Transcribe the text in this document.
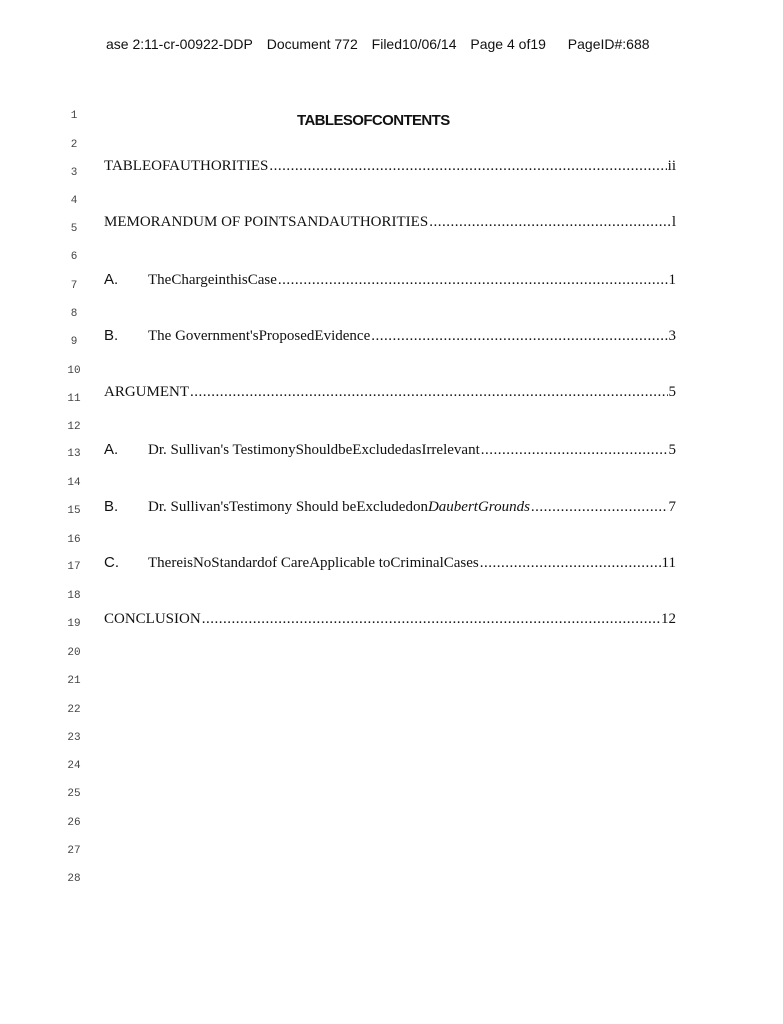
ase 2:11-cr-00922-DDP Document 772 Filed10/06/14 Page 4 of19 PageID#:688
1
2
3
4
5
6
7
8
9
10
11
12
13
14
15
16
17
18
19
20
21
22
23
24
25
26
27
28
TABLESOFCONTENTS
TABLEOFAUTHORITIES .....	ii
MEMORANDUM OF POINTSANDAUTHORITIES .....	l
A.	TheChargeinthisCase .....	1
B.	The Government'sProposedEvidence .....	3
ARGUMENT .....	5
A.	Dr. Sullivan's TestimonyShouldbeExcludedasIrrelevant .....	5
B.	Dr. Sullivan'sTestimony Should beExcludedon DaubertGrounds .....	7
C.	ThereisNoStandardof CareApplicable toCriminalCases .....	11
CONCLUSION .....	12
